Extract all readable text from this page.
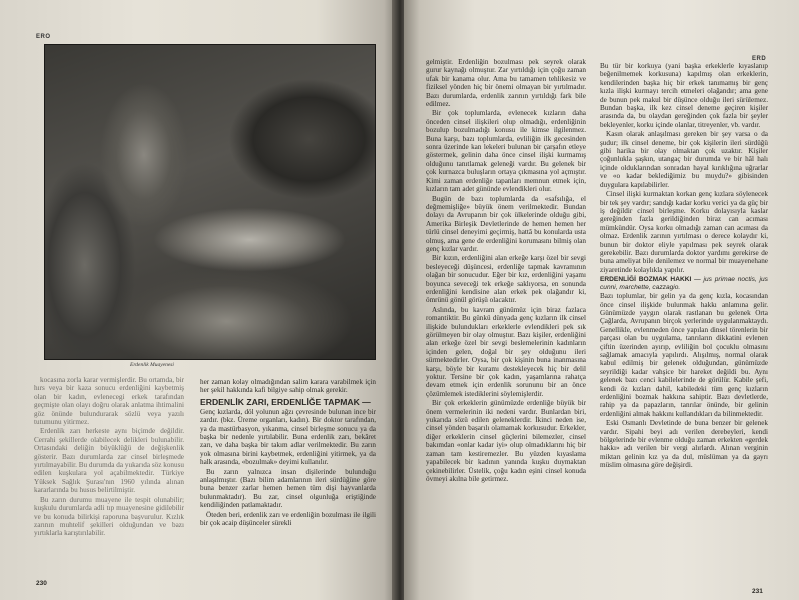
ERO
Erdenlik Muayenesi

kocasına zorla karar vermişlerdir. Bu ortamda, bir hırs veya bir kaza sonucu erdenliğini kaybetmiş olan bir kadın, evlenecegi erkek tarafından geçmişte olan olayı doğru olarak anlatma ihtimalini göz önünde bulundurarak sözlü veya yazılı tutumunu yitirmez.

Erdenlik zarı herkeste aynı biçimde değildir. Cerrahi şekillerde olabilecek delikleri bulunabilir. Ortasındaki deliğin büyüklüğü de değişkenlik gösterir. Bazı durumlarda zar cinsel birleşmede yırtılmayabilir. Bu durumda da yukarıda söz konusu edilen kuşkulara yol açabilmektedir. Türkiye Yüksek Sağlık Şurası'nın 1960 yılında alınan kararlarında bu husus belirtilmiştir.

Bu zarın durumu muayene ile tespit olunabilir; kuşkulu durumlarda adli tıp muayenesine gidilebilir ve bu konuda bilirkişi raporuna başvurulur. Kızlık zarının muhtelif şekilleri olduğundan ve bazı yırtıklarla karıştırılabilir.

her zaman kolay olmadığından salim karara varabilmek için her şekil hakkında kafi bilgiye sahip olmak gerekir.

ERDENLİK ZARI, ERDENLİĞE TAPMAK —

Genç kızlarda, döl yolunun ağzı çevresinde bulunan ince bir zardır. (bkz. Üreme organları, kadın). Bir doktor tarafından, ya da mastürbasyon, yıkanma, cinsel birleşme sonucu ya da başka bir nedenle yırtılabilir. Buna erdenlik zarı, bekâret zarı, ve daha başka bir takım adlar verilmektedir. Bu zarın yok olmasına birini kaybetmek, erdenliğini yitirmek, ya da halk arasında, «bozulmak» deyimi kullanılır.

Bu zarın yalnızca insan dişilerinde bulunduğu anlaşılmıştır. (Bazı bilim adamlarının ileri sürdüğüne göre buna benzer zarlar hemen hemen tüm dişi hayvanlarda bulunmaktadır). Bu zar, cinsel olgunluğa eriştiğinde kendiliğinden patlamaktadır.

Öteden beri, erdenlik zarı ve erdenliğin bozulması ile ilgili bir çok acaip düşünceler sürekli

230
ERD

gelmiştir. Erdenliğin bozulması pek seyrek olarak gurur kaynağı olmuştur. Zar yırtıldığı için çoğu zaman ufak bir kanama olur. Ama bu tamamen tehlikesiz ve fiziksel yönden hiç bir önemi olmayan bir yırtılmadır. Bazı durumlarda, erdenlik zarının yırtıldığı fark bile edilmez.

Bir çok toplumlarda, evlenecek kızların daha önceden cinsel ilişkileri olup olmadığı, erdenliğinin bozulup bozulmadığı konusu ile kimse ilgilenmez. Buna karşı, bazı toplumlarda, evliliğin ilk gecesinden sonra üzerinde kan lekeleri bulunan bir çarşafın etleye göstermek, gelinin daha önce cinsel ilişki kurmamış olduğunu tanıtlamak geleneği vardır. Bu gelenek bir çok kurnazca buluşların ortaya çıkmasına yol açmıştır. Kimi zaman erdenliğe tapanları memnun etmek için, kızların tam adet gününde evlendikleri olur.

Bugün de bazı toplumlarda da «safsılığa, el değmemişliğe» büyük önem verilmektedir. Bundan dolayı da Avrupanın bir çok ülkelerinde olduğu gibi, Amerika Birleşik Devletlerinde de hemen hemen her türlü cinsel deneyimi geçirmiş, hattâ bu konularda usta olmuş, ama gene de erdenliğini korumasını bilmiş olan genç kızlar vardır.

Bir kızın, erdenliğini alan erkeğe karşı özel bir sevgi besleyeceği düşüncesi, erdenliğe tapmak kavramının olağan bir sonucudur. Eğer bir kız, erdenliğini yaşamı boyunca seveceği tek erkeğe saklıyorsa, en sonunda erdenliğini kendisine alan erkek pek olağandır ki, ömrünü gönül görüşü olacaktır.

Aslında, bu kavram günümüz için biraz fazlaca romantiktir. Bu günkü dünyada genç kızların ilk cinsel ilişkide bulundukları erkeklerle evlendikleri pek sık görülmeyen bir olay olmuştur. Bazı kişiler, erdenliğini alan erkeğe özel bir sevgi beslemelerinin kadınların içinden gelen, doğal bir şey olduğunu ileri sürmektedirler. Oysa, bir çok kişinin buna inanmasına karşı, böyle bir kuramı destekleyecek hiç bir delil yoktur. Tersine bir çok kadın, yaşamlarına rahatça devam etmek için erdenlik sorununu bir an önce çözümlemek istediklerini söylemişlerdir.

Bir çok erkeklerin günümüzde erdenliğe büyük bir önem vermelerinin iki nedeni vardır. Bunlardan biri, yukarıda sözü edilen geleneklerdir. İkinci neden ise, cinsel yönden başarılı olamamak korkusudur. Erkekler, diğer erkeklerin cinsel güçlerini bilemezler, cinsel bakımdan «onlar kadar iyi» olup olmadıklarını hiç bir zaman tam kestiremezler. Bu yüzden kıyaslama yapabilecek bir kadının yanında kuşku duymaktan çekinebilirler. Üstelik, çoğu kadın eşini cinsel konuda övmeyi akılna bile getirmez.

Bu tür bir korkuya (yani başka erkeklerle kıyaslanıp beğenilmemek korkusuna) kapılmış olan erkeklerin, kendilerinden başka hiç bir erkek tanımamış bir genç kızla ilişki kurmayı tercih etmeleri olağandır; ama gene de bunun pek makul bir düşünce olduğu ileri sürülemez. Bundan başka, ilk kez cinsel deneme geçiren kişiler arasında da, bu olaydan gereğinden çok fazla bir şeyler bekleyenler, korku içinde olanlar, titreyenler, vb. vardır.

Kasın olarak anlaşılması gereken bir şey varsa o da şudur; ilk cinsel deneme, bir çok kişilerin ileri sürdüğü gibi harika bir olay olmaktan çok uzaktır. Kişiler çoğunlukla şaşkın, utangaç bir durumda ve bir hâl halı içinde olduklarından sonradan hayal kırıklığına uğrarlar ve «o kadar beklediğimiz bu muydu?» gibisinden duygulara kapılabilirler.

Cinsel ilişki kurmaktan korkan genç kızlara söylenecek bir tek şey vardır; sandığı kadar korku verici ya da güç bir iş değildir cinsel birleşme. Korku dolayısıyla kaslar gereğinden fazla gerildiğinden biraz can acıması mümkündür. Oysa korku olmadığı zaman can acıması da olmaz. Erdenlik zarının yırtılması o derece kolaydır ki, bunun bir doktor eliyle yapılması pek seyrek olarak gerekebilir. Bazı durumlarda doktor yardımı gerekirse de buna ameliyat bile denilemez ve normal bir muayenehane ziyaretinde kolaylıkla yapılır.

ERDENLİĞİ BOZMAK HAKKI — jus primae noctis, jus cunni, marchette, cazzagio.

Bazı toplumlar, bir gelin ya da genç kızla, kocasından önce cinsel ilişkide bulunmak hakkı anlamına gelir. Günümüzde yaygın olarak rastlanan bu gelenek Orta Çağlarda, Avrupanın birçok yerlerinde uygulanmaktaydı. Genellikle, evlenmeden önce yapılan dinsel törenlerin bir parçası olan bu uygulama, tanrıların dikkatini evlenen çiftin üzerinden ayırıp, evliliğin bol çocuklu olmasını sağlamak amacıyla yapılırdı. Alışılmış, normal olarak kabul edilmiş bir gelenek olduğundan, günümüzde seyrildiği kadar vahşice bir hareket değildi bu. Aynı gelenek bazı cenci kabilelerinde de görülür. Kabile şefi, kendi öz kızları dahil, kabiledeki tüm genç kızların erdenliğini bozmak hakkına sahiptir. Bazı devletlerde, rahip ya da papazların, tanrılar önünde, bir gelinin erdenliğini almak hakkını kullandıkları da bilinmektedir.

Eski Osmanlı Devletinde de buna benzer bir gelenek vardır. Sipahi beyi adı verilen derebeyleri, kendi bölgelerinde bir evlenme olduğu zaman erkekten «gerdek hakkı» adı verilen bir vergi alırlardı. Alınan verginin miktarı gelinin kız ya da dul, müslüman ya da gayrı müslim olmasına göre değişirdi.

231
